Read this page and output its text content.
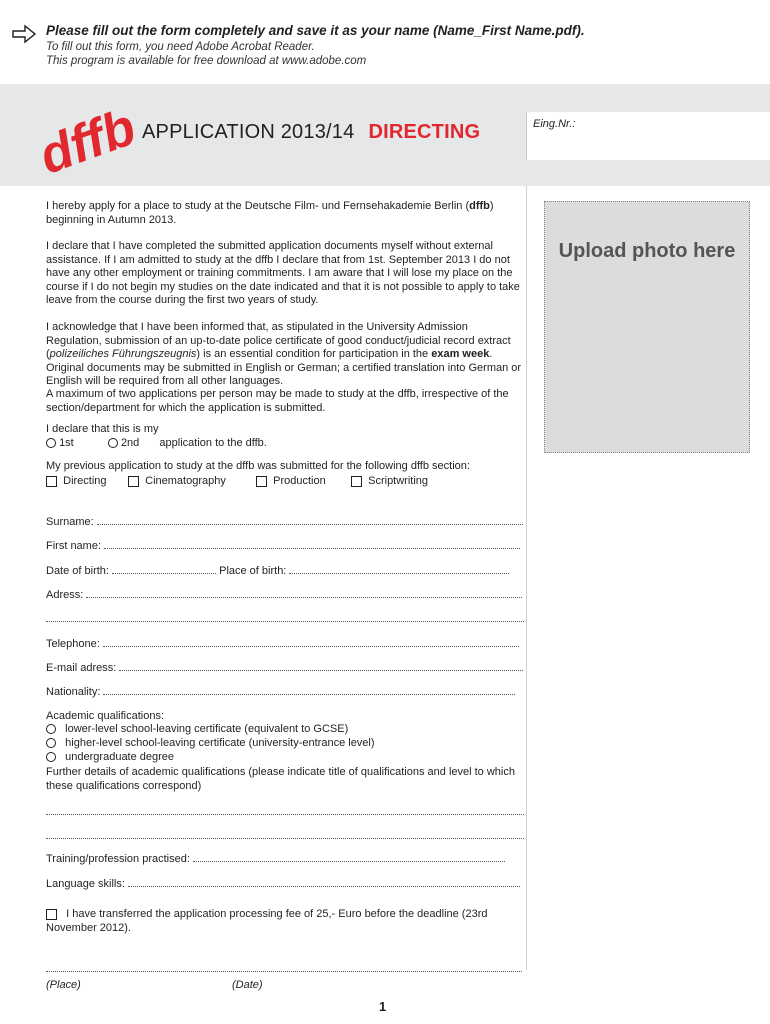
Please fill out the form completely and save it as your name (Name_First Name.pdf).
To fill out this form, you need Adobe Acrobat Reader.
This program is available for free download at www.adobe.com
dffb
APPLICATION 2013/14 DIRECTING	Eing.Nr.:
Upload photo here
I hereby apply for a place to study at the Deutsche Film- und Fernsehakademie Berlin (dffb) beginning in Autumn 2013.
I declare that I have completed the submitted application documents myself without external assistance. If I am admitted to study at the dffb I declare that from 1st. September 2013 I do not have any other employment or training commitments. I am aware that I will lose my place on the course if I do not begin my studies on the date indicated and that it is not possible to apply to take leave from the course during the first two years of study.
I acknowledge that I have been informed that, as stipulated in the University Admission Regulation, submission of an up-to-date police certificate of good conduct/judicial record extract (polizeiliches Führungszeugnis) is an essential condition for participation in the exam week. Original documents may be submitted in English or German; a certified translation into German or English will be required from all other languages.
A maximum of two applications per person may be made to study at the dffb, irrespective of the section/department for which the application is submitted.
I declare that this is my
1st	2nd application to the dffb.
My previous application to study at the dffb was submitted for the following dffb section:
Directing	Cinematography	Production	Scriptwriting
Surname:
First name:
Date of birth:	Place of birth:
Adress:
Telephone:
E-mail adress:
Nationality:
Academic qualifications:
lower-level school-leaving certificate (equivalent to GCSE)
higher-level school-leaving certificate (university-entrance level)
undergraduate degree
Further details of academic qualifications (please indicate title of qualifications and level to which these qualifications correspond)
Training/profession practised:
Language skills:
I have transferred the application processing fee of 25,- Euro before the deadline (23rd November 2012).
(Place)	(Date)
1
